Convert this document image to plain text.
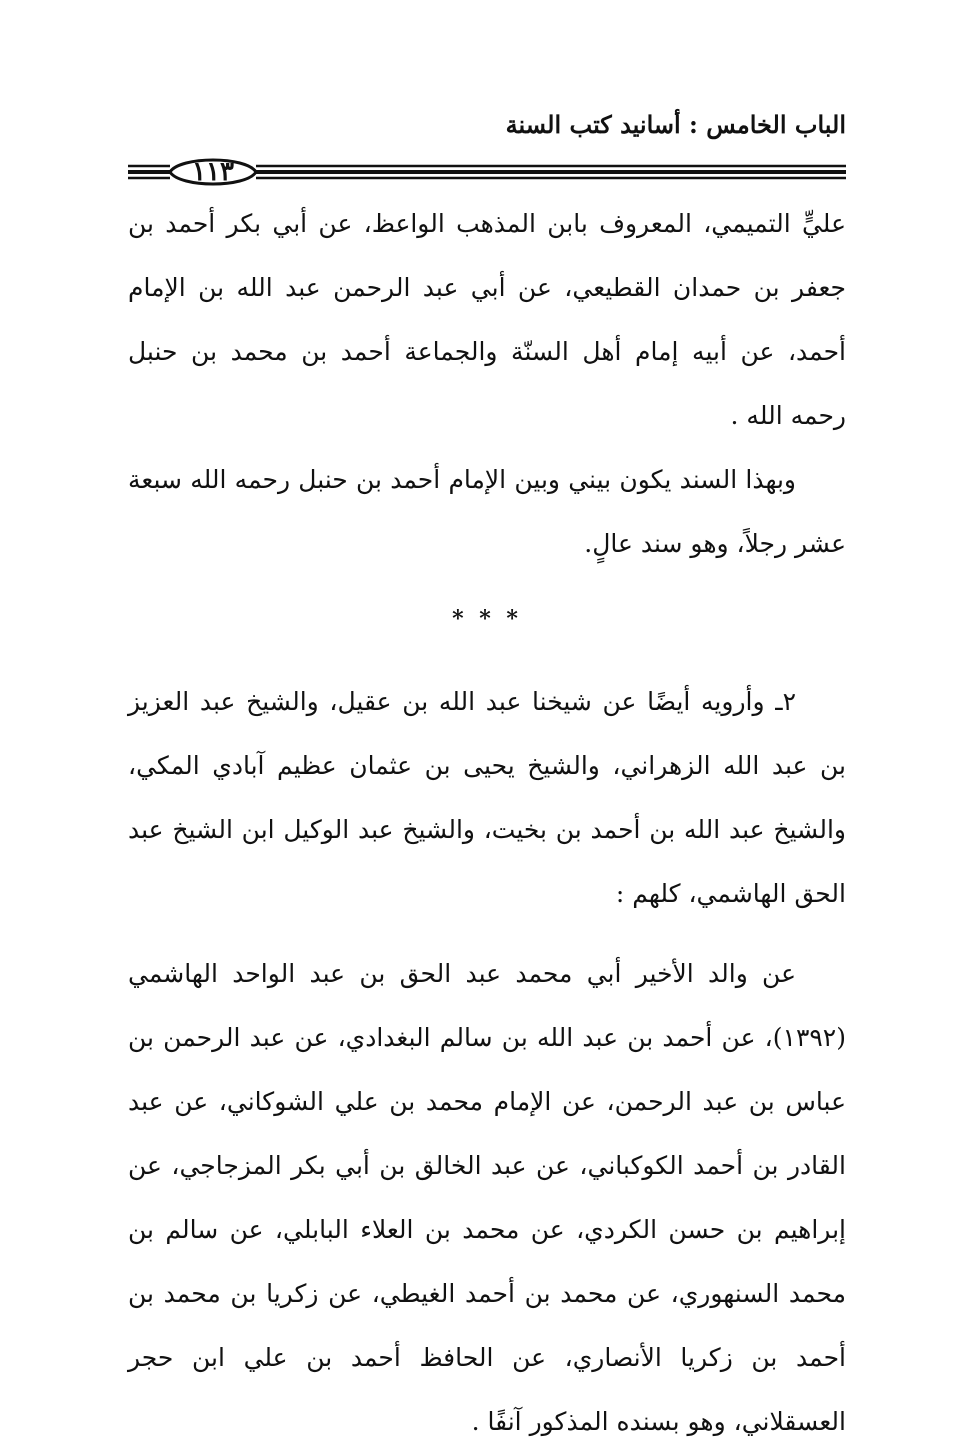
الباب الخامس : أسانيد كتب السنة
١١٣

عليٍّ التميمي، المعروف بابن المذهب الواعظ، عن أبي بكر أحمد بن جعفر بن حمدان القطيعي، عن أبي عبد الرحمن عبد الله بن الإمام أحمد، عن أبيه إمام أهل السنّة والجماعة أحمد بن محمد بن حنبل رحمه الله .

وبهذا السند يكون بيني وبين الإمام أحمد بن حنبل رحمه الله سبعة عشر رجلاً، وهو سند عالٍ.

* * *

٢ـ وأرويه أيضًا عن شيخنا عبد الله بن عقيل، والشيخ عبد العزيز بن عبد الله الزهراني، والشيخ يحيى بن عثمان عظيم آبادي المكي، والشيخ عبد الله بن أحمد بن بخيت، والشيخ عبد الوكيل ابن الشيخ عبد الحق الهاشمي، كلهم :

عن والد الأخير أبي محمد عبد الحق بن عبد الواحد الهاشمي (١٣٩٢)، عن أحمد بن عبد الله بن سالم البغدادي، عن عبد الرحمن بن عباس بن عبد الرحمن، عن الإمام محمد بن علي الشوكاني، عن عبد القادر بن أحمد الكوكباني، عن عبد الخالق بن أبي بكر المزجاجي، عن إبراهيم بن حسن الكردي، عن محمد بن العلاء البابلي، عن سالم بن محمد السنهوري، عن محمد بن أحمد الغيطي، عن زكريا بن محمد بن أحمد بن زكريا الأنصاري، عن الحافظ أحمد بن علي ابن حجر العسقلاني، وهو بسنده المذكور آنفًا .
